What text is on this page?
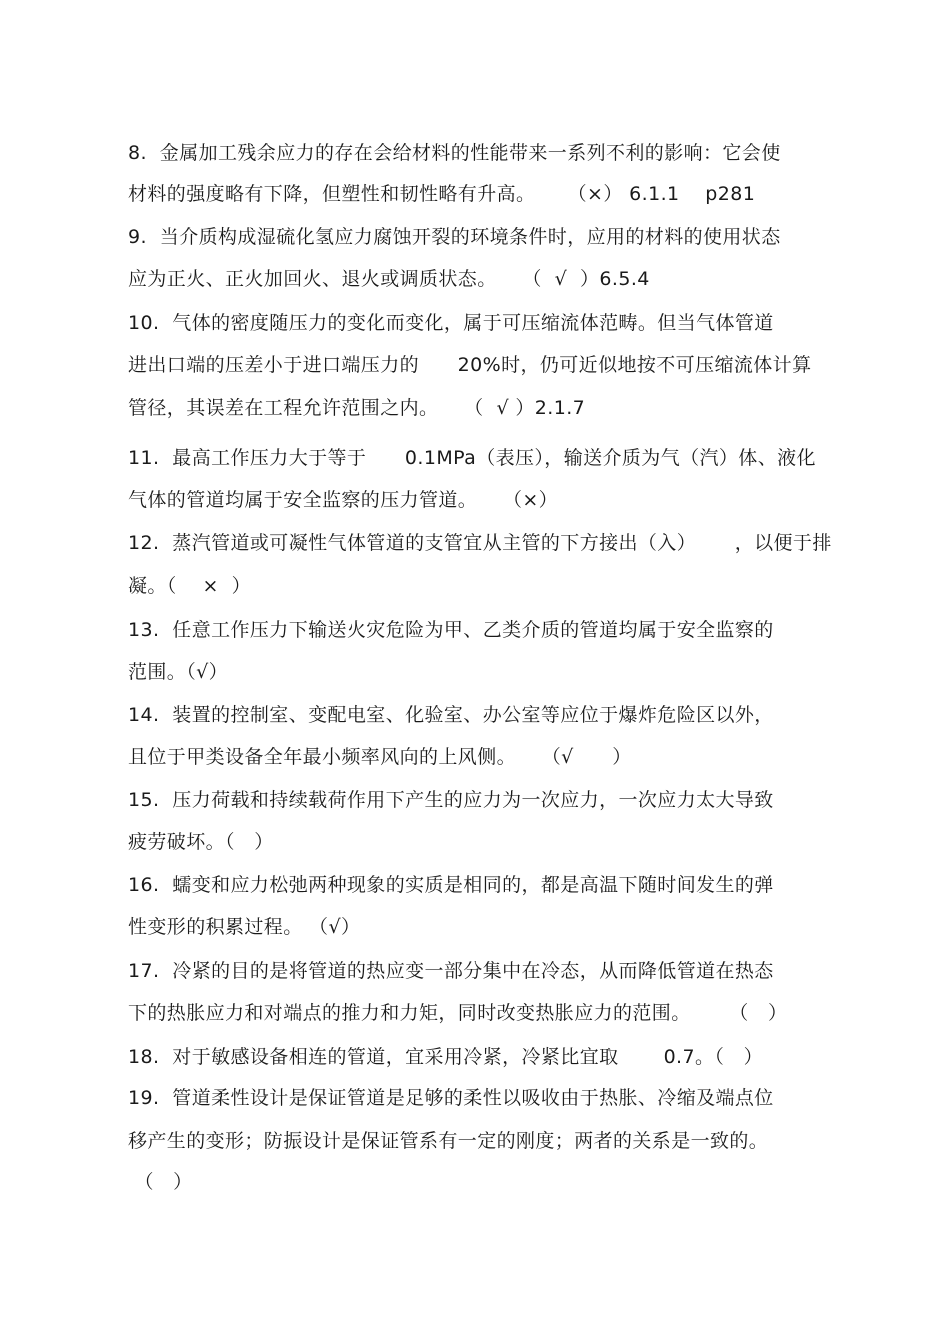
8.  金属加工残余应力的存在会给材料的性能带来一系列不利的影响：它会使
材料的强度略有下降，但塑性和韧性略有升高。     （×） 6.1.1    p281
9.  当介质构成湿硫化氢应力腐蚀开裂的环境条件时，应用的材料的使用状态
应为正火、正火加回火、退火或调质状态。    （  √  ）6.5.4
10.  气体的密度随压力的变化而变化，属于可压缩流体范畴。但当气体管道
进出口端的压差小于进口端压力的      20%时，仍可近似地按不可压缩流体计算
管径，其误差在工程允许范围之内。    （  √ ）2.1.7
11.  最高工作压力大于等于      0.1MPa（表压），输送介质为气（汽）体、液化
气体的管道均属于安全监察的压力管道。    （×）
12.  蒸汽管道或可凝性气体管道的支管宜从主管的下方接出（入）      ，以便于排
凝。（    ×  ）
13.  任意工作压力下输送火灾危险为甲、乙类介质的管道均属于安全监察的
范围。（√）
14.  装置的控制室、变配电室、化验室、办公室等应位于爆炸危险区以外，
且位于甲类设备全年最小频率风向的上风侧。    （√      ）
15.  压力荷载和持续载荷作用下产生的应力为一次应力，一次应力太大导致
疲劳破坏。（   ）
16.  蠕变和应力松弛两种现象的实质是相同的，都是高温下随时间发生的弹
性变形的积累过程。 （√）
17.  冷紧的目的是将管道的热应变一部分集中在冷态，从而降低管道在热态
下的热胀应力和对端点的推力和力矩，同时改变热胀应力的范围。      （   ）
18.  对于敏感设备相连的管道，宜采用冷紧，冷紧比宜取       0.7。（   ）
19.  管道柔性设计是保证管道是足够的柔性以吸收由于热胀、冷缩及端点位
移产生的变形；防振设计是保证管系有一定的刚度；两者的关系是一致的。
（   ）
